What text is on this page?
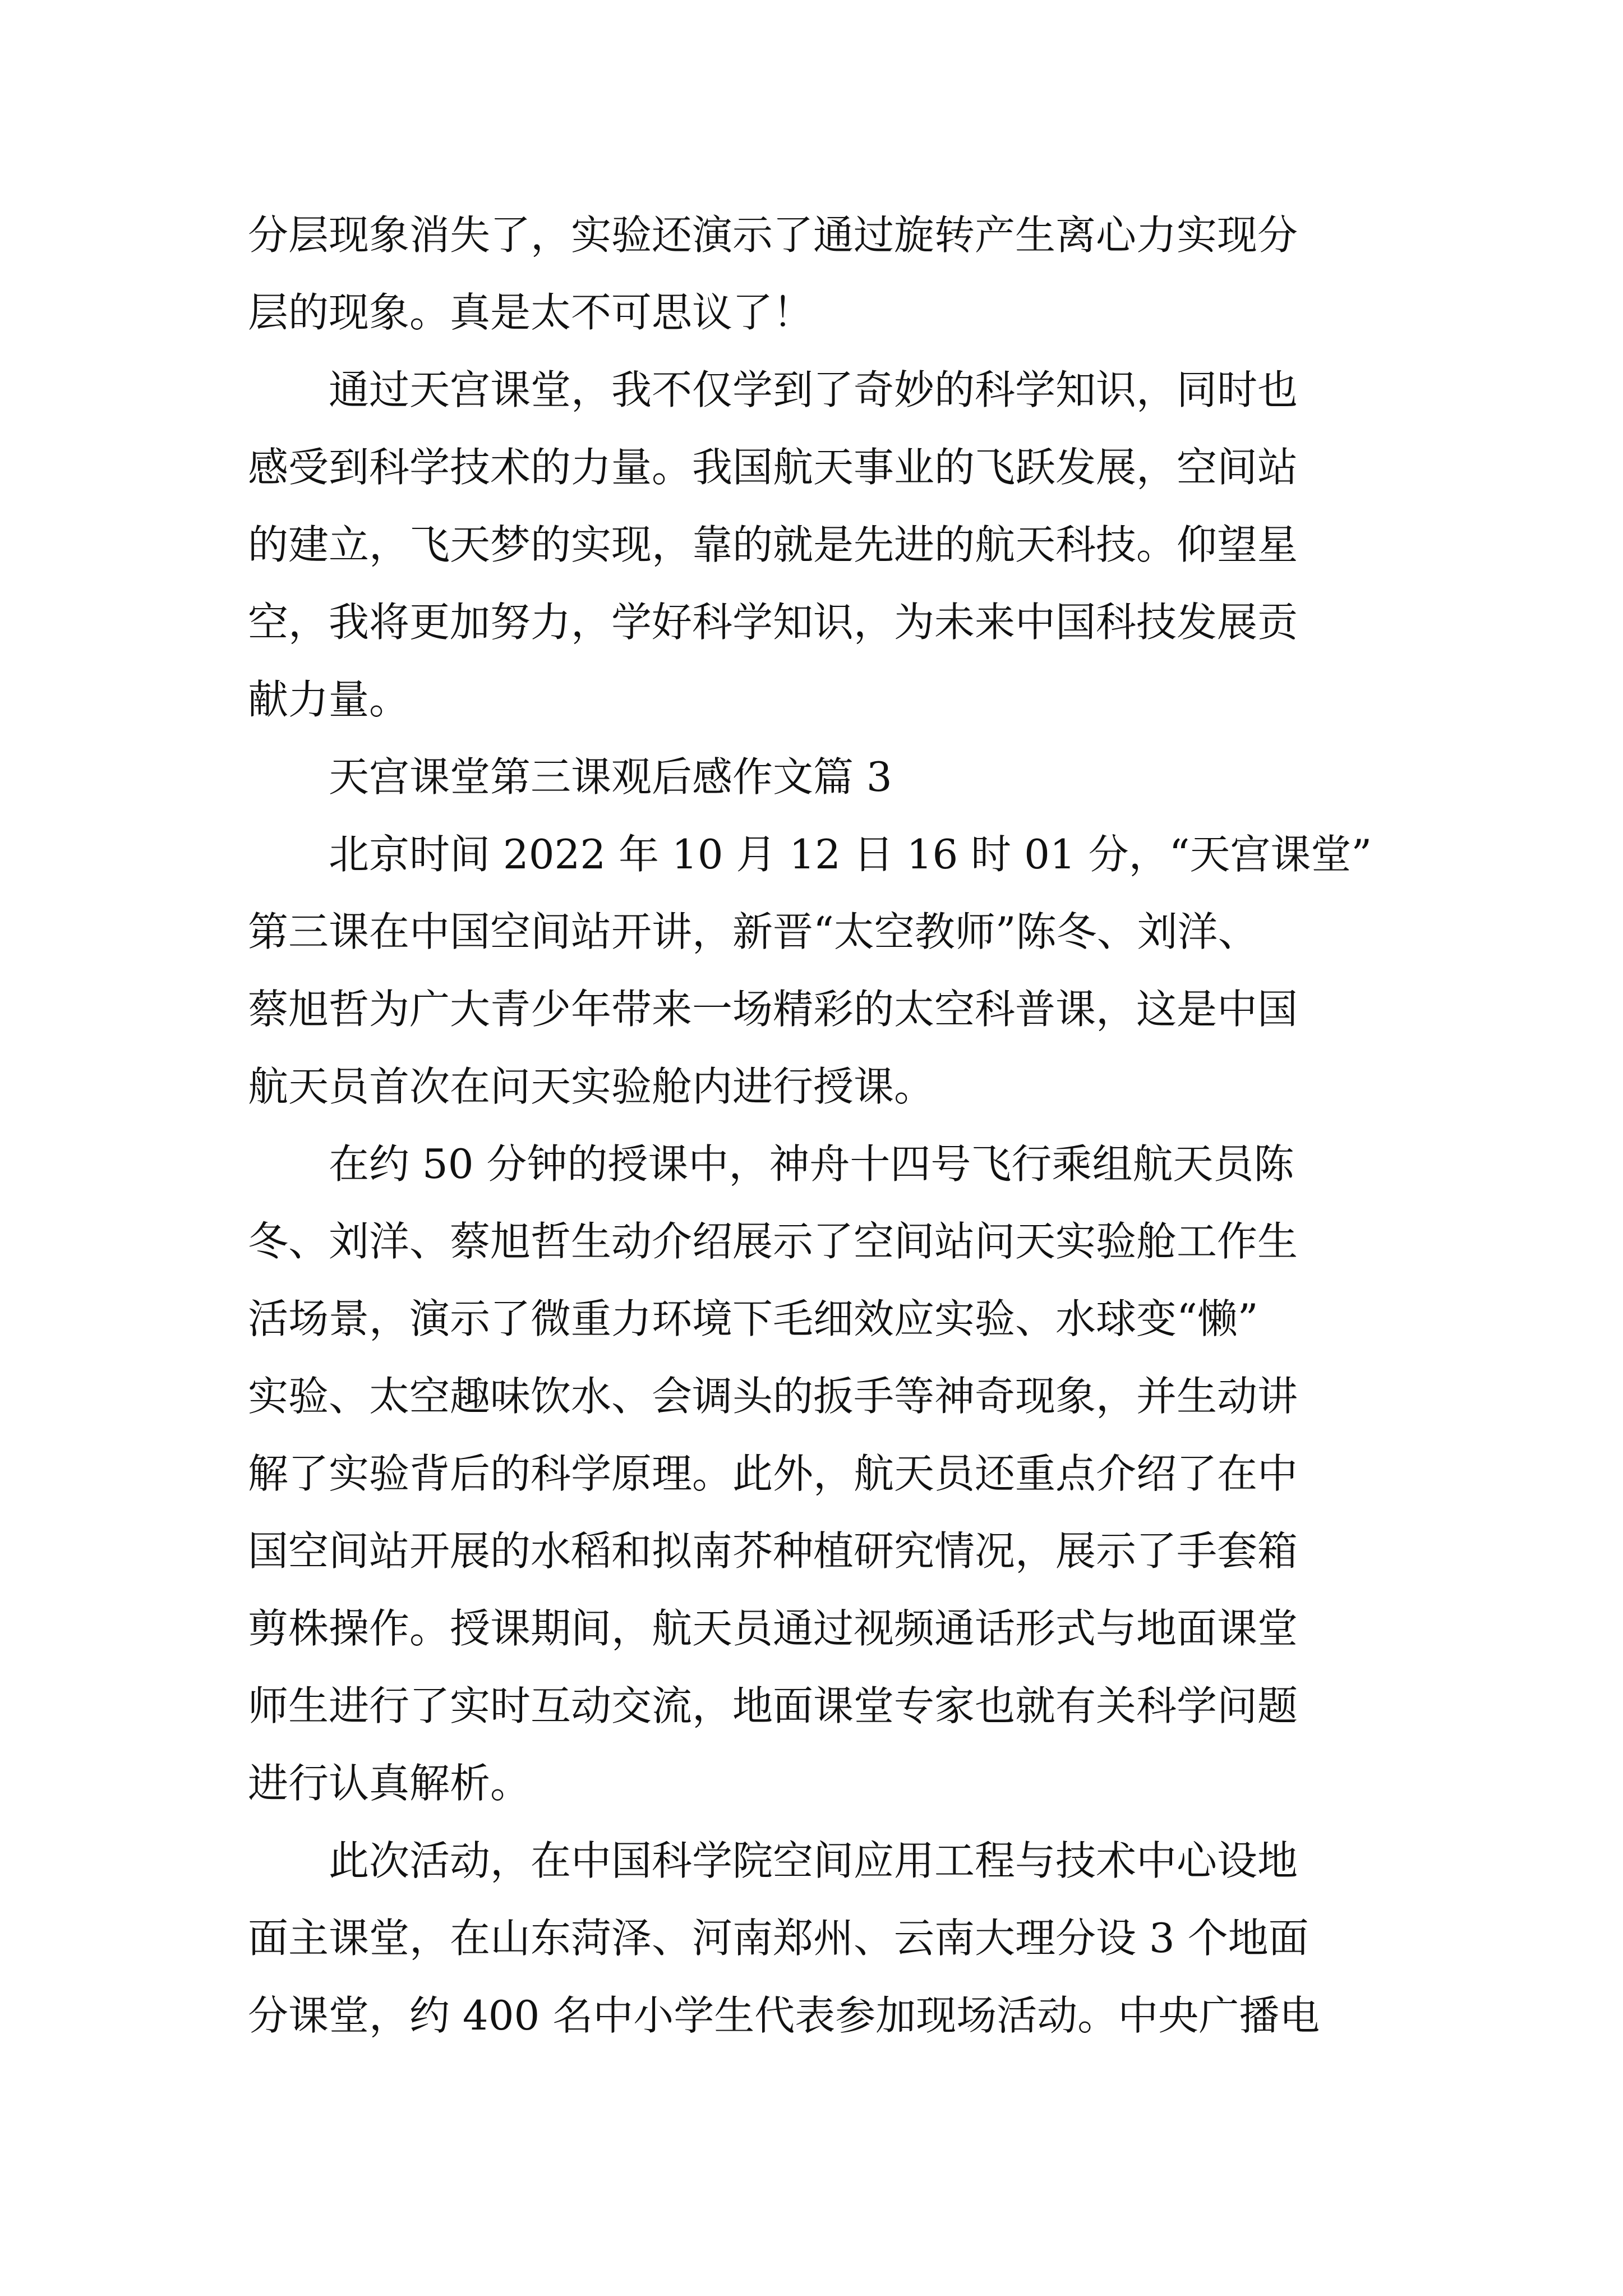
分层现象消失了，实验还演示了通过旋转产生离心力实现分
层的现象。真是太不可思议了！
通过天宫课堂，我不仅学到了奇妙的科学知识，同时也
感受到科学技术的力量。我国航天事业的飞跃发展，空间站
的建立，飞天梦的实现，靠的就是先进的航天科技。仰望星
空，我将更加努力，学好科学知识，为未来中国科技发展贡
献力量。
天宫课堂第三课观后感作文篇 3
北京时间 2022 年 10 月 12 日 16 时 01 分，“天宫课堂”
第三课在中国空间站开讲，新晋“太空教师”陈冬、刘洋、
蔡旭哲为广大青少年带来一场精彩的太空科普课，这是中国
航天员首次在问天实验舱内进行授课。
在约 50 分钟的授课中，神舟十四号飞行乘组航天员陈
冬、刘洋、蔡旭哲生动介绍展示了空间站问天实验舱工作生
活场景，演示了微重力环境下毛细效应实验、水球变“懒”
实验、太空趣味饮水、会调头的扳手等神奇现象，并生动讲
解了实验背后的科学原理。此外，航天员还重点介绍了在中
国空间站开展的水稻和拟南芥种植研究情况，展示了手套箱
剪株操作。授课期间，航天员通过视频通话形式与地面课堂
师生进行了实时互动交流，地面课堂专家也就有关科学问题
进行认真解析。
此次活动，在中国科学院空间应用工程与技术中心设地
面主课堂，在山东菏泽、河南郑州、云南大理分设 3 个地面
分课堂，约 400 名中小学生代表参加现场活动。中央广播电
